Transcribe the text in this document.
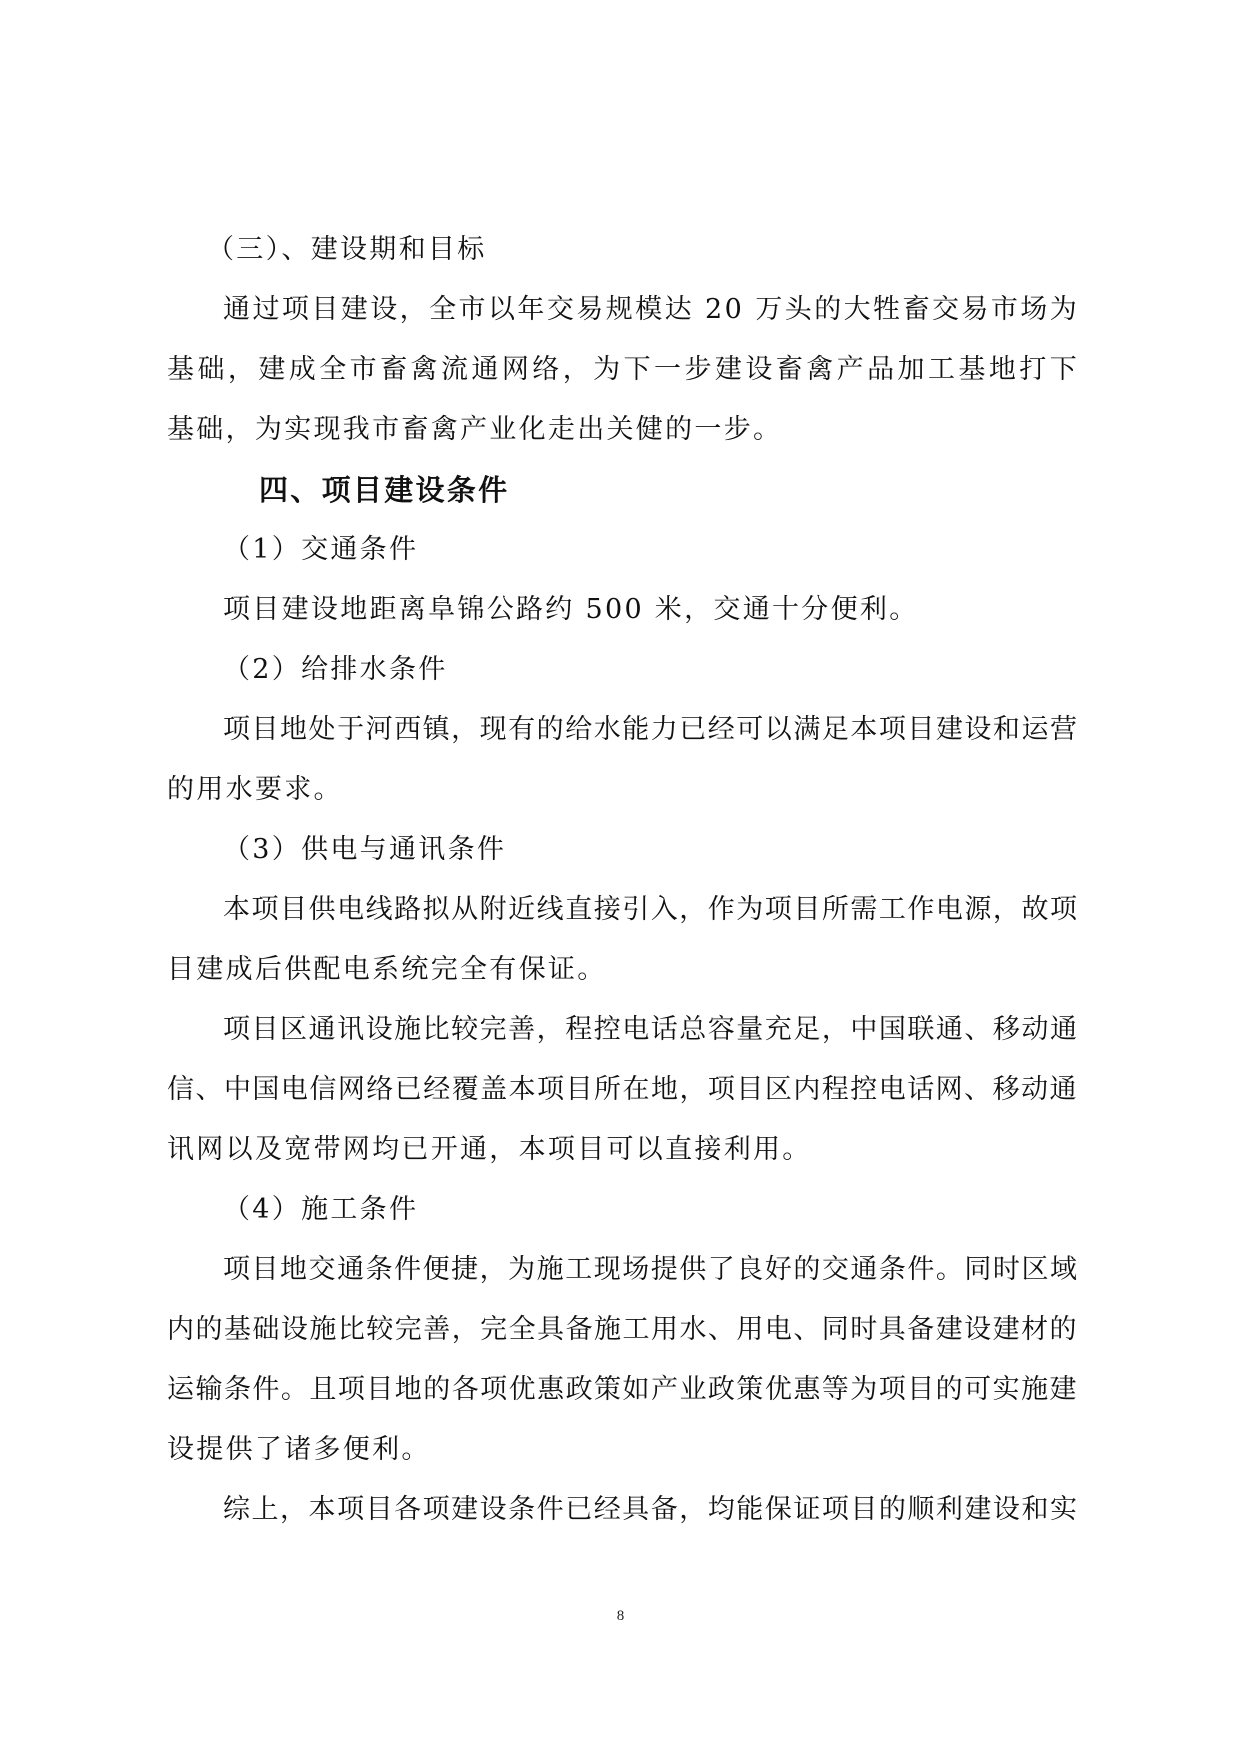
（三）、建设期和目标

通 过 项 目 建 设 ， 全 市 以 年 交 易 规 模 达
2 0
万 头 的 大 牲 畜 交 易 市 场 为

基 础 ， 建 成 全 市 畜 禽 流 通 网 络 ， 为 下 一 步 建 设 畜 禽 产 品 加 工 基 地 打 下

基础，为实现我市畜禽产业化走出关健的一步。

四、项目建设条件

（1）交通条件

项目建设地距离阜锦公路约 500 米，交通十分便利。

（2）给排水条件

项 目 地 处 于 河 西 镇 ， 现 有 的 给 水 能 力 已 经 可 以 满 足 本 项 目 建 设 和 运 营

的用水要求。

（3）供电与通讯条件

本 项 目 供 电 线 路 拟 从 附 近 线 直 接 引 入 ， 作 为 项 目 所 需 工 作 电 源 ， 故 项

目建成后供配电系统完全有保证。

项 目 区 通 讯 设 施 比 较 完 善 ， 程 控 电 话 总 容 量 充 足 ， 中 国 联 通 、 移 动 通

信 、 中 国 电 信 网 络 已 经 覆 盖 本 项 目 所 在 地 ， 项 目 区 内 程 控 电 话 网 、 移 动 通

讯网以及宽带网均已开通，本项目可以直接利用。

（4）施工条件

项 目 地 交 通 条 件 便 捷 ， 为 施 工 现 场 提 供 了 良 好 的 交 通 条 件 。 同 时 区 域

内 的 基 础 设 施 比 较 完 善 ， 完 全 具 备 施 工 用 水 、 用 电 、 同 时 具 备 建 设 建 材 的

运 输 条 件 。 且 项 目 地 的 各 项 优 惠 政 策 如 产 业 政 策 优 惠 等 为 项 目 的 可 实 施 建

设提供了诸多便利。

综 上 ， 本 项 目 各 项 建 设 条 件 已 经 具 备 ， 均 能 保 证 项 目 的 顺 利 建 设 和 实

8
